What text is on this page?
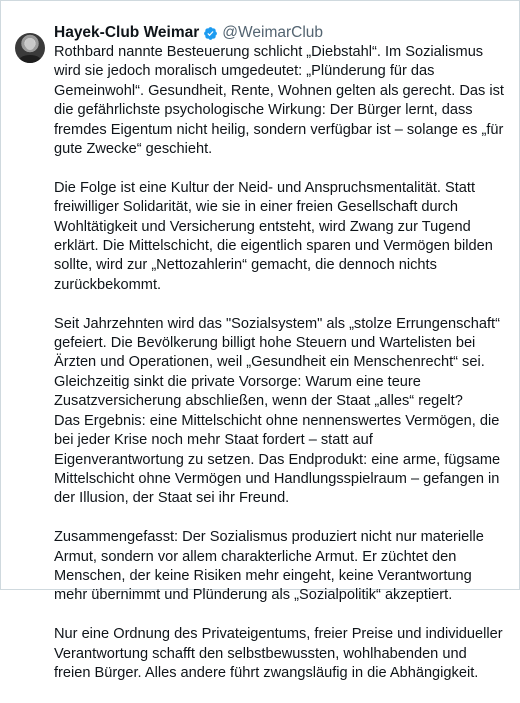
Hayek-Club Weimar @WeimarClub

Rothbard nannte Besteuerung schlicht „Diebstahl“. Im Sozialismus wird sie jedoch moralisch umgedeutet: „Plünderung für das Gemeinwohl“. Gesundheit, Rente, Wohnen gelten als gerecht. Das ist die gefährlichste psychologische Wirkung: Der Bürger lernt, dass fremdes Eigentum nicht heilig, sondern verfügbar ist – solange es „für gute Zwecke“ geschieht.

Die Folge ist eine Kultur der Neid- und Anspruchsmentalität. Statt freiwilliger Solidarität, wie sie in einer freien Gesellschaft durch Wohltätigkeit und Versicherung entsteht, wird Zwang zur Tugend erklärt. Die Mittelschicht, die eigentlich sparen und Vermögen bilden sollte, wird zur „Nettozahlerin“ gemacht, die dennoch nichts zurückbekommt.

Seit Jahrzehnten wird das "Sozialsystem" als „stolze Errungenschaft“ gefeiert. Die Bevölkerung billigt hohe Steuern und Wartelisten bei Ärzten und Operationen, weil „Gesundheit ein Menschenrecht“ sei. Gleichzeitig sinkt die private Vorsorge: Warum eine teure Zusatzversicherung abschließen, wenn der Staat „alles“ regelt?

Das Ergebnis: eine Mittelschicht ohne nennenswertes Vermögen, die bei jeder Krise noch mehr Staat fordert – statt auf Eigenverantwortung zu setzen. Das Endprodukt: eine arme, fügsame Mittelschicht ohne Vermögen und Handlungsspielraum – gefangen in der Illusion, der Staat sei ihr Freund.

Zusammengefasst: Der Sozialismus produziert nicht nur materielle Armut, sondern vor allem charakterliche Armut. Er züchtet den Menschen, der keine Risiken mehr eingeht, keine Verantwortung mehr übernimmt und Plünderung als „Sozialpolitik“ akzeptiert.

Nur eine Ordnung des Privateigentums, freier Preise und individueller Verantwortung schafft den selbstbewussten, wohlhabenden und freien Bürger. Alles andere führt zwangsläufig in die Abhängigkeit.
